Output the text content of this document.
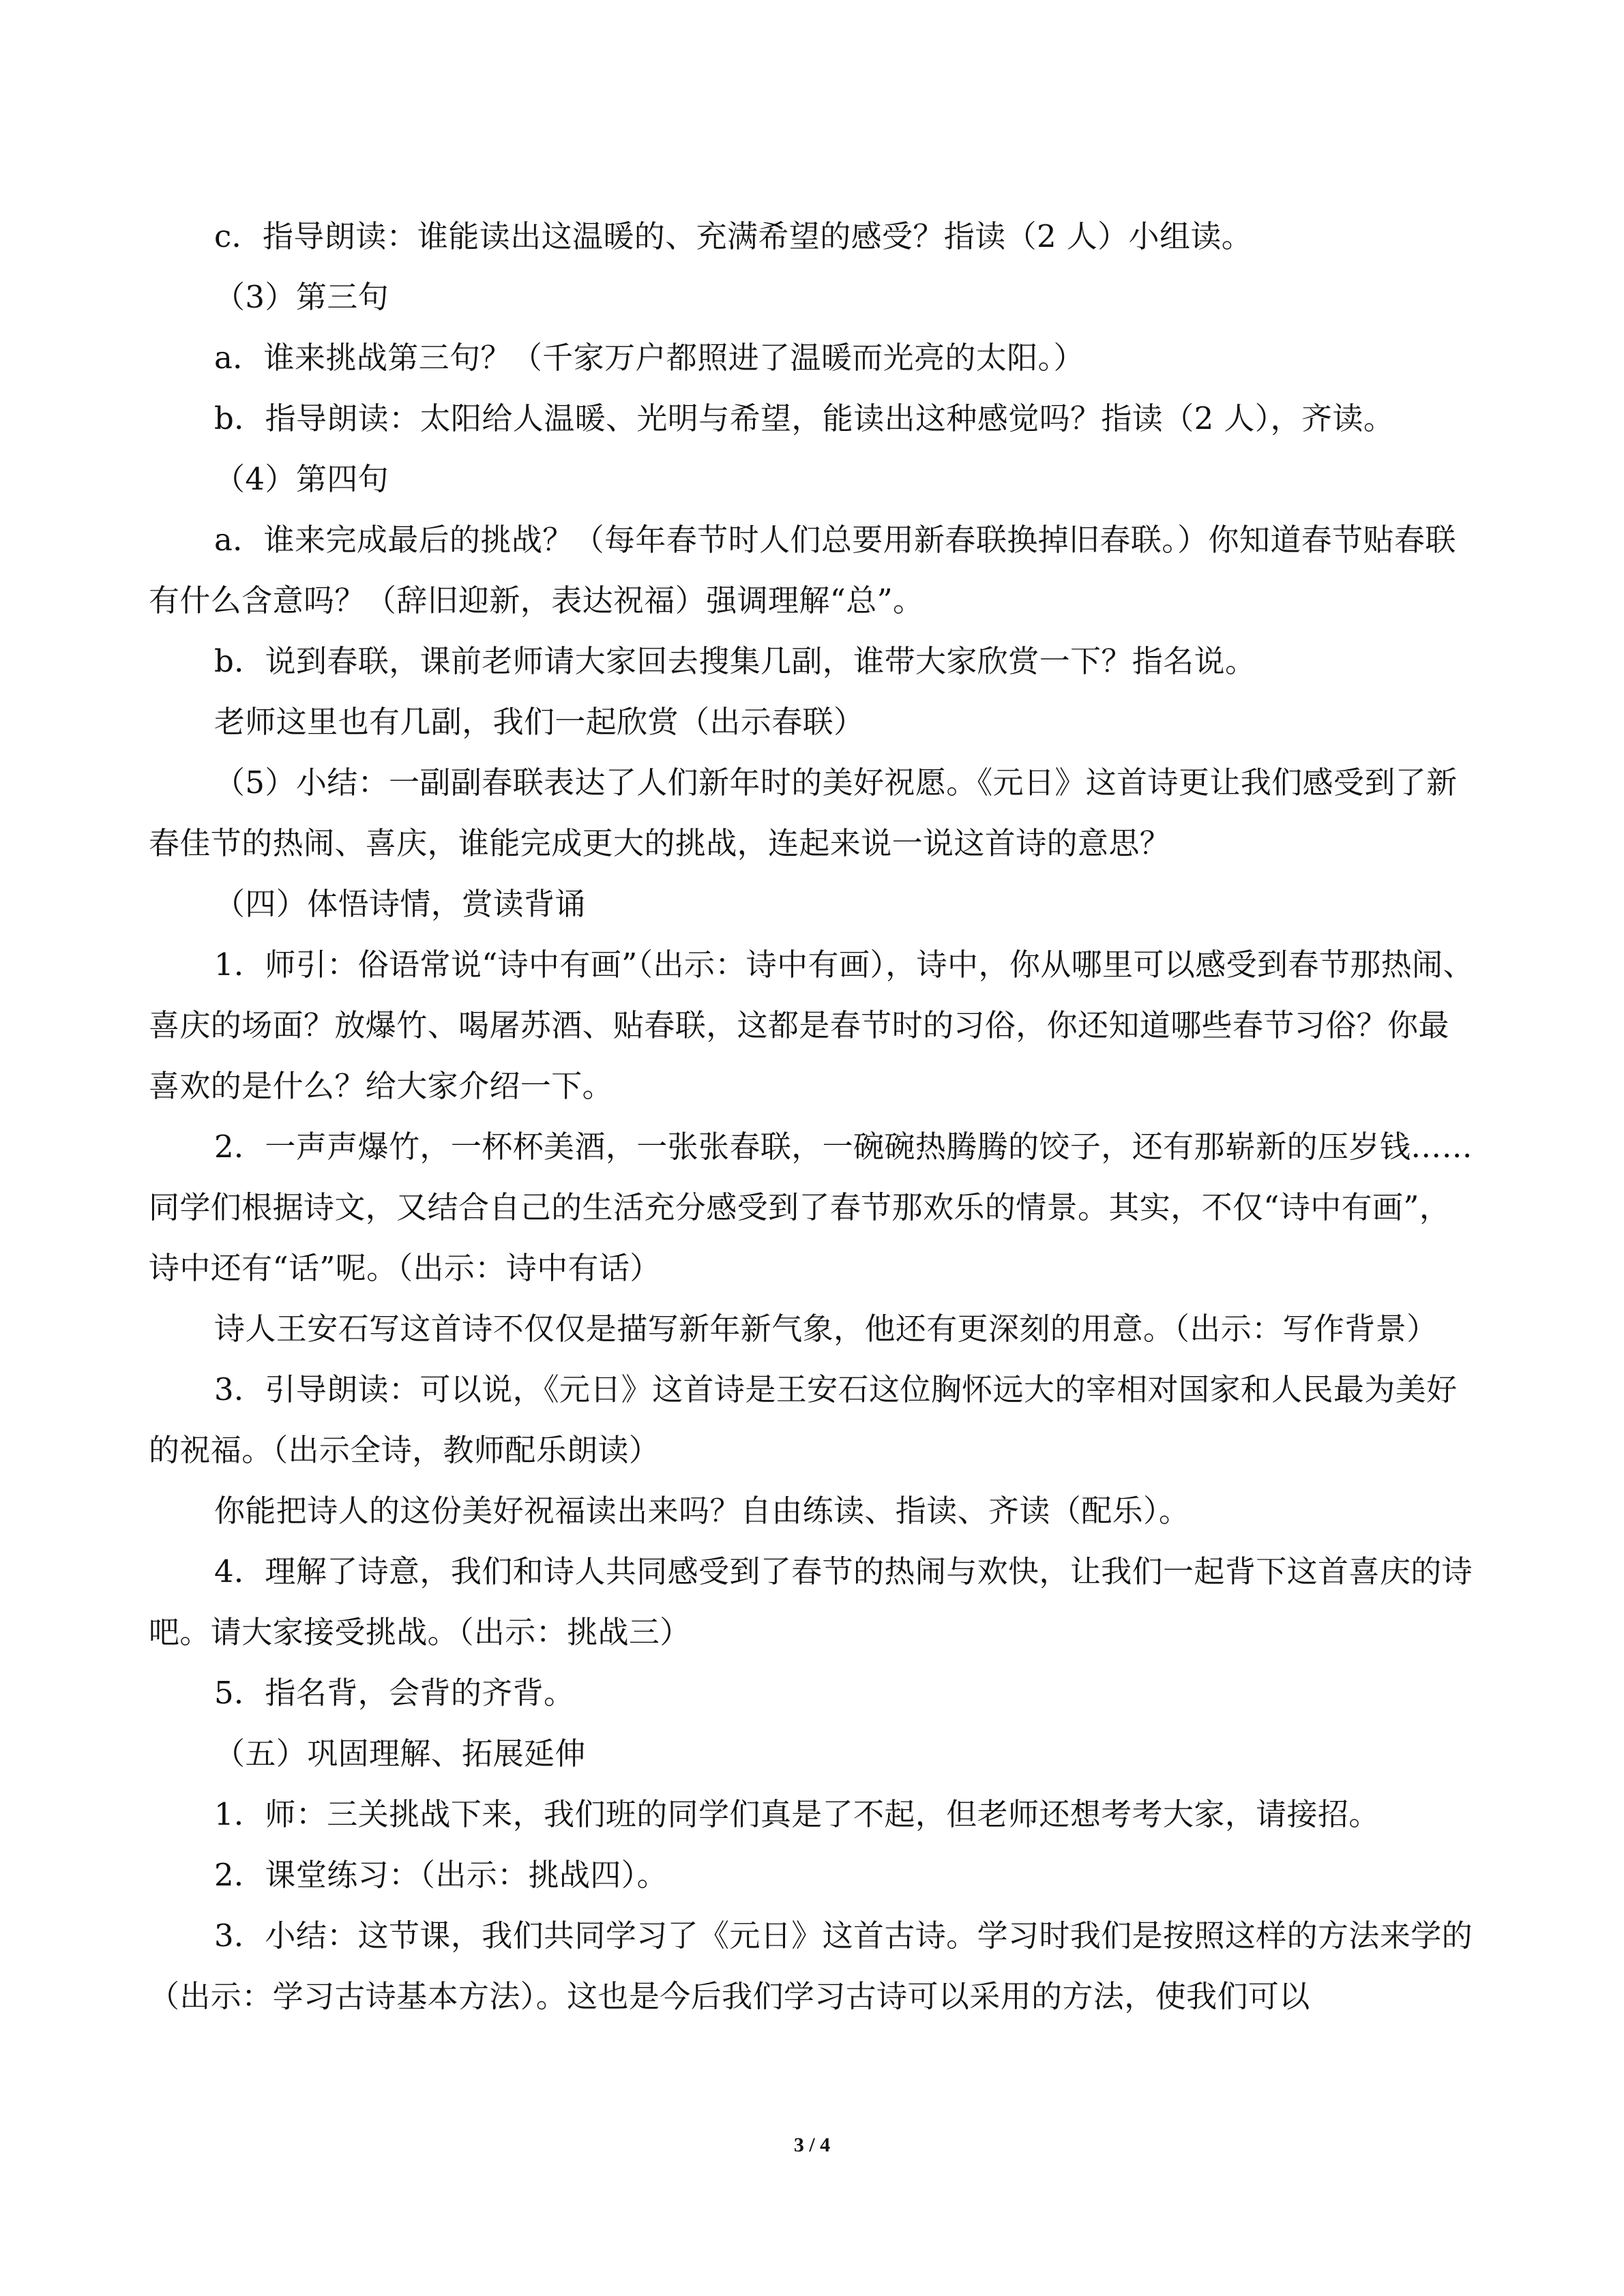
c．指导朗读：谁能读出这温暖的、充满希望的感受？指读（2 人）小组读。

（3）第三句

a．谁来挑战第三句？（千家万户都照进了温暖而光亮的太阳。）

b．指导朗读：太阳给人温暖、光明与希望，能读出这种感觉吗？指读（2 人），齐读。

（4）第四句

a．谁来完成最后的挑战？（每年春节时人们总要用新春联换掉旧春联。）你知道春节贴春联有什么含意吗？（辞旧迎新，表达祝福）强调理解“总”。

b．说到春联，课前老师请大家回去搜集几副，谁带大家欣赏一下？指名说。

老师这里也有几副，我们一起欣赏（出示春联）

（5）小结：一副副春联表达了人们新年时的美好祝愿。《元日》这首诗更让我们感受到了新春佳节的热闹、喜庆，谁能完成更大的挑战，连起来说一说这首诗的意思？

（四）体悟诗情，赏读背诵

1．师引：俗语常说“诗中有画”（出示：诗中有画），诗中，你从哪里可以感受到春节那热闹、喜庆的场面？放爆竹、喝屠苏酒、贴春联，这都是春节时的习俗，你还知道哪些春节习俗？你最喜欢的是什么？给大家介绍一下。

2．一声声爆竹，一杯杯美酒，一张张春联，一碗碗热腾腾的饺子，还有那崭新的压岁钱……同学们根据诗文，又结合自己的生活充分感受到了春节那欢乐的情景。其实，不仅“诗中有画”，诗中还有“话”呢。（出示：诗中有话）

诗人王安石写这首诗不仅仅是描写新年新气象，他还有更深刻的用意。（出示：写作背景）

3．引导朗读：可以说，《元日》这首诗是王安石这位胸怀远大的宰相对国家和人民最为美好的祝福。（出示全诗，教师配乐朗读）

你能把诗人的这份美好祝福读出来吗？自由练读、指读、齐读（配乐）。

4．理解了诗意，我们和诗人共同感受到了春节的热闹与欢快，让我们一起背下这首喜庆的诗吧。请大家接受挑战。（出示：挑战三）

5．指名背，会背的齐背。

（五）巩固理解、拓展延伸

1．师：三关挑战下来，我们班的同学们真是了不起，但老师还想考考大家，请接招。

2．课堂练习：（出示：挑战四）。

3．小结：这节课，我们共同学习了《元日》这首古诗。学习时我们是按照这样的方法来学的（出示：学习古诗基本方法）。这也是今后我们学习古诗可以采用的方法，使我们可以

3 / 4
